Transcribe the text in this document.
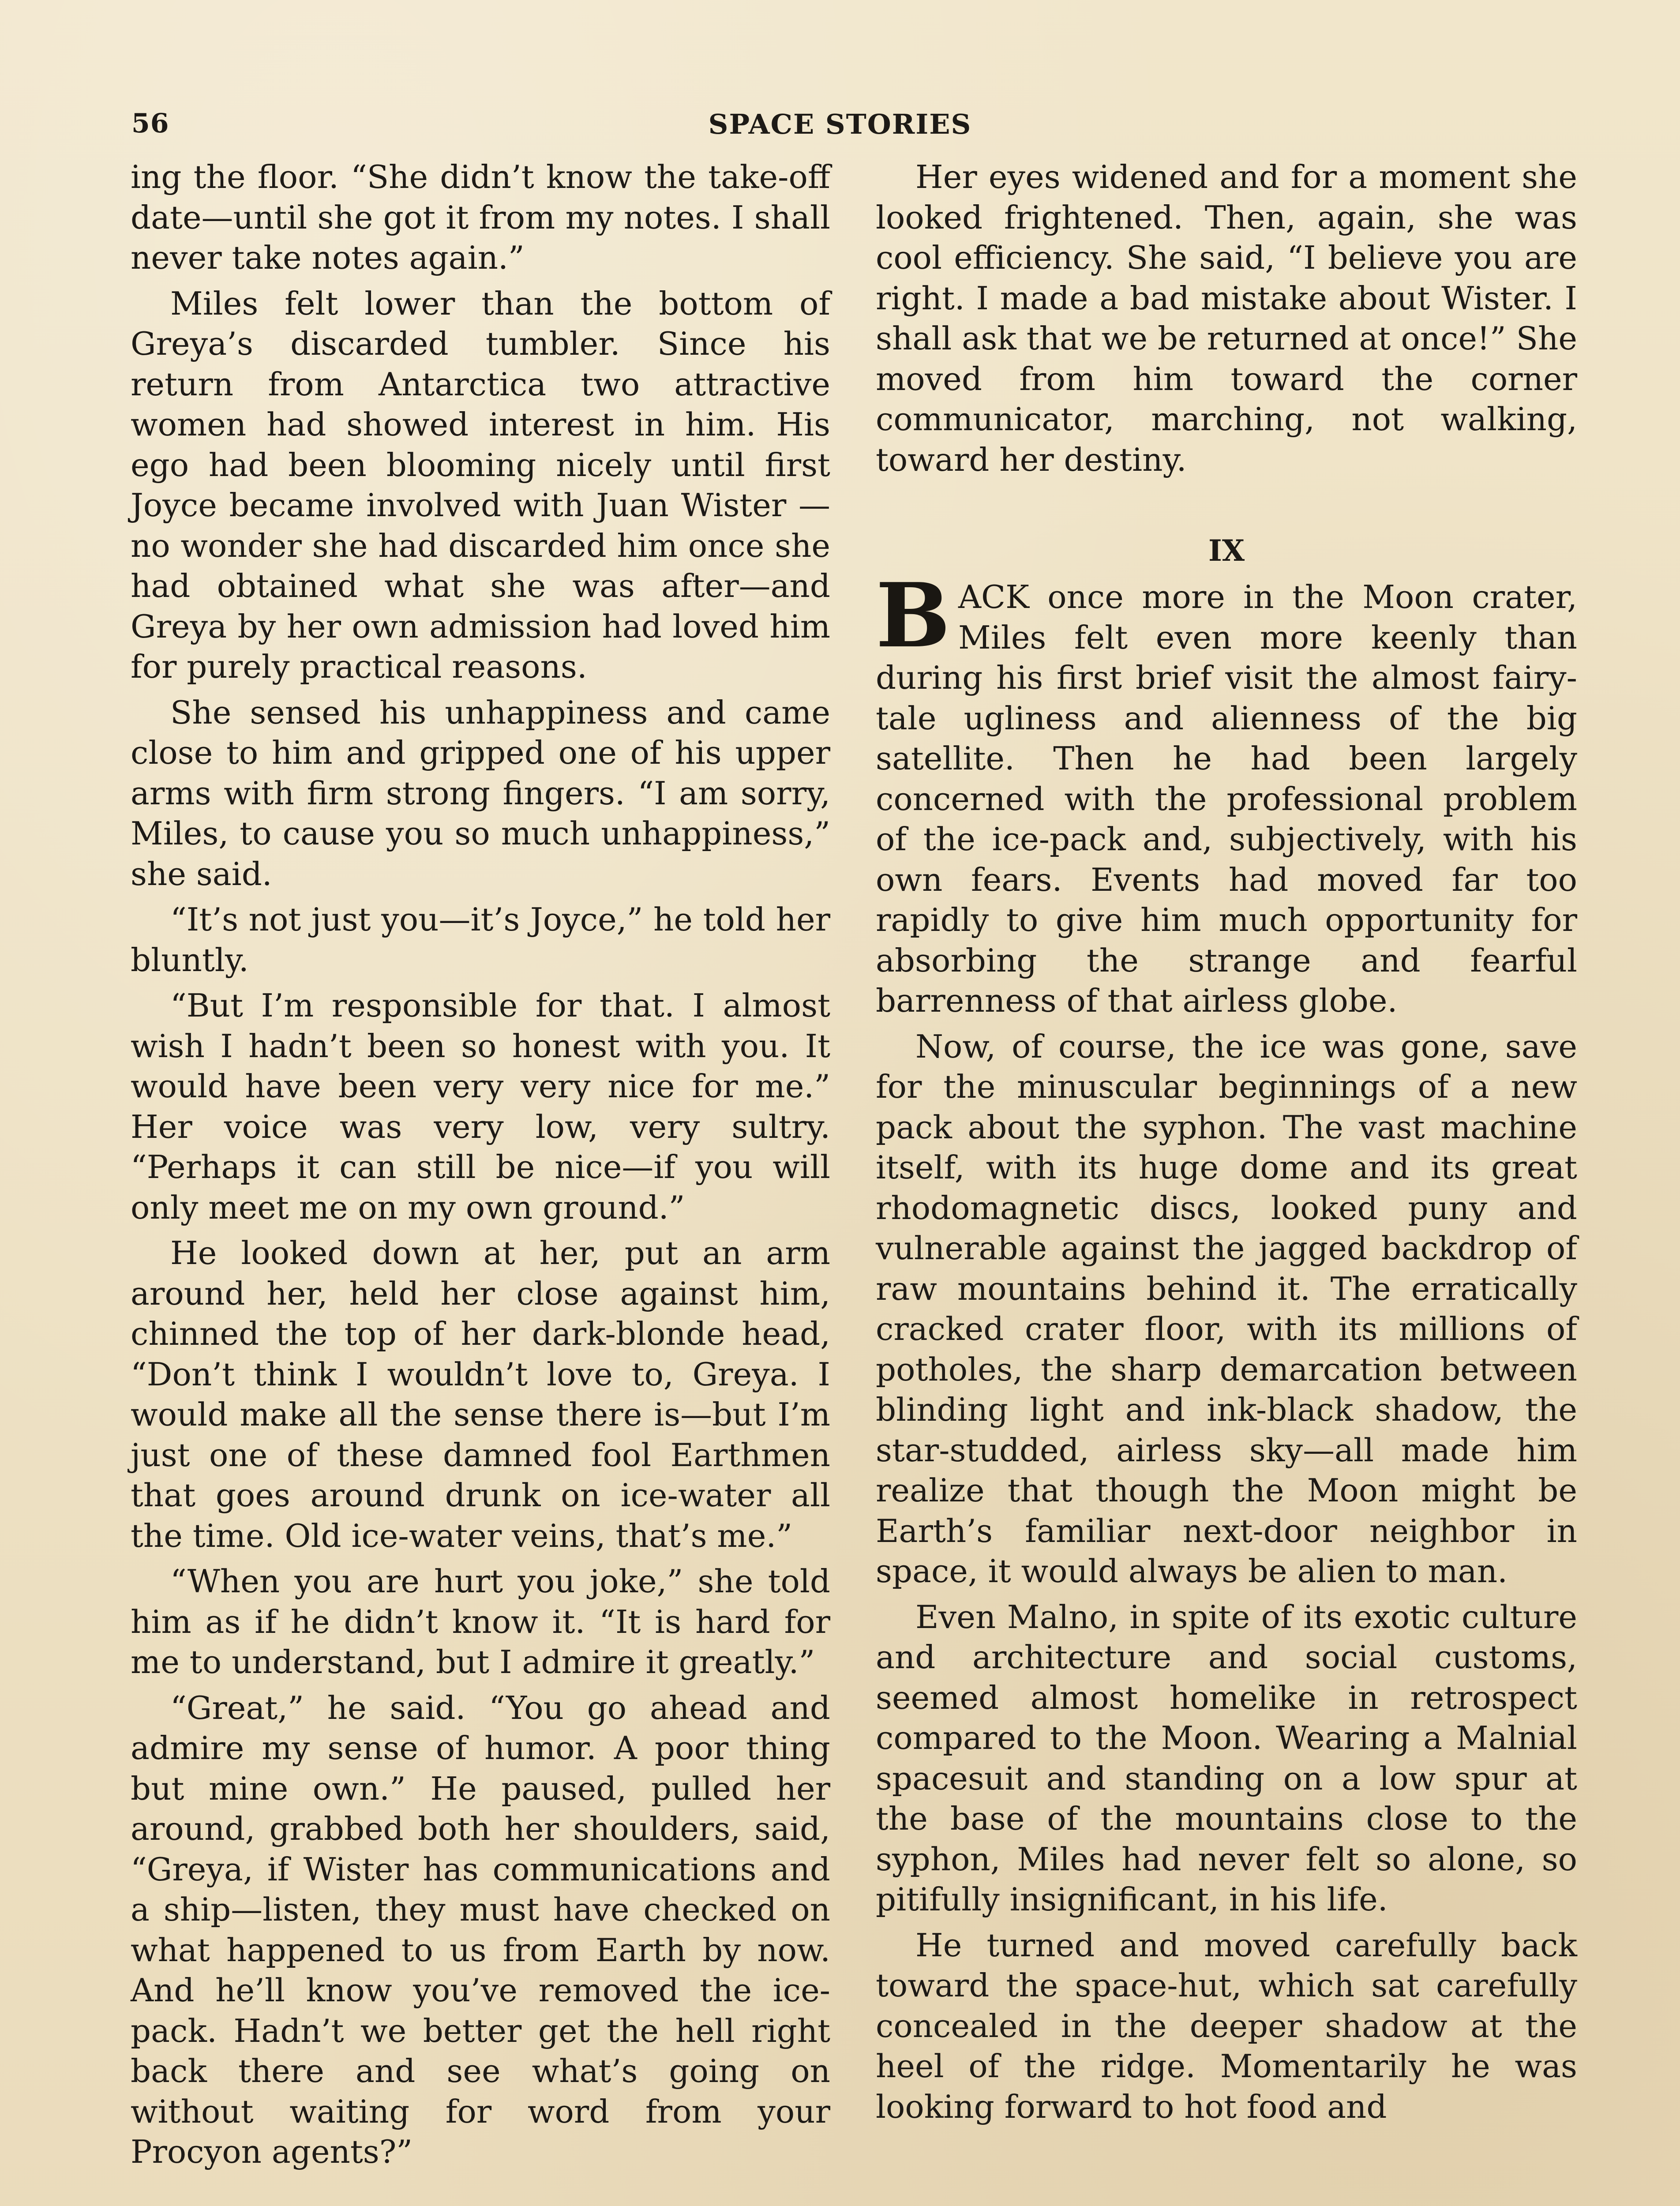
56	SPACE STORIES

ing the floor. “She didn’t know the take-off date—until she got it from my notes. I shall never take notes again.”

Miles felt lower than the bottom of Greya’s discarded tumbler. Since his return from Antarctica two attractive women had showed interest in him. His ego had been blooming nicely until first Joyce became involved with Juan Wister —no wonder she had discarded him once she had obtained what she was after—and Greya by her own admission had loved him for purely practical reasons.

She sensed his unhappiness and came close to him and gripped one of his upper arms with firm strong fingers. “I am sorry, Miles, to cause you so much unhappiness,” she said.

“It’s not just you—it’s Joyce,” he told her bluntly.

“But I’m responsible for that. I almost wish I hadn’t been so honest with you. It would have been very very nice for me.” Her voice was very low, very sultry. “Perhaps it can still be nice—if you will only meet me on my own ground.”

He looked down at her, put an arm around her, held her close against him, chinned the top of her dark-blonde head, “Don’t think I wouldn’t love to, Greya. I would make all the sense there is—but I’m just one of these damned fool Earthmen that goes around drunk on ice-water all the time. Old ice-water veins, that’s me.”

“When you are hurt you joke,” she told him as if he didn’t know it. “It is hard for me to understand, but I admire it greatly.”

“Great,” he said. “You go ahead and admire my sense of humor. A poor thing but mine own.” He paused, pulled her around, grabbed both her shoulders, said, “Greya, if Wister has communications and a ship—listen, they must have checked on what happened to us from Earth by now. And he’ll know you’ve removed the ice-pack. Hadn’t we better get the hell right back there and see what’s going on without waiting for word from your Procyon agents?”

Her eyes widened and for a moment she looked frightened. Then, again, she was cool efficiency. She said, “I believe you are right. I made a bad mistake about Wister. I shall ask that we be returned at once!” She moved from him toward the corner communicator, marching, not walking, toward her destiny.

IX

BACK once more in the Moon crater, Miles felt even more keenly than during his first brief visit the almost fairy-tale ugliness and alienness of the big satellite. Then he had been largely concerned with the professional problem of the ice-pack and, subjectively, with his own fears. Events had moved far too rapidly to give him much opportunity for absorbing the strange and fearful barrenness of that airless globe.

Now, of course, the ice was gone, save for the minuscular beginnings of a new pack about the syphon. The vast machine itself, with its huge dome and its great rhodomagnetic discs, looked puny and vulnerable against the jagged backdrop of raw mountains behind it. The erratically cracked crater floor, with its millions of potholes, the sharp demarcation between blinding light and ink-black shadow, the star-studded, airless sky—all made him realize that though the Moon might be Earth’s familiar next-door neighbor in space, it would always be alien to man.

Even Malno, in spite of its exotic culture and architecture and social customs, seemed almost homelike in retrospect compared to the Moon. Wearing a Malnial spacesuit and standing on a low spur at the base of the mountains close to the syphon, Miles had never felt so alone, so pitifully insignificant, in his life.

He turned and moved carefully back toward the space-hut, which sat carefully concealed in the deeper shadow at the heel of the ridge. Momentarily he was looking forward to hot food and
